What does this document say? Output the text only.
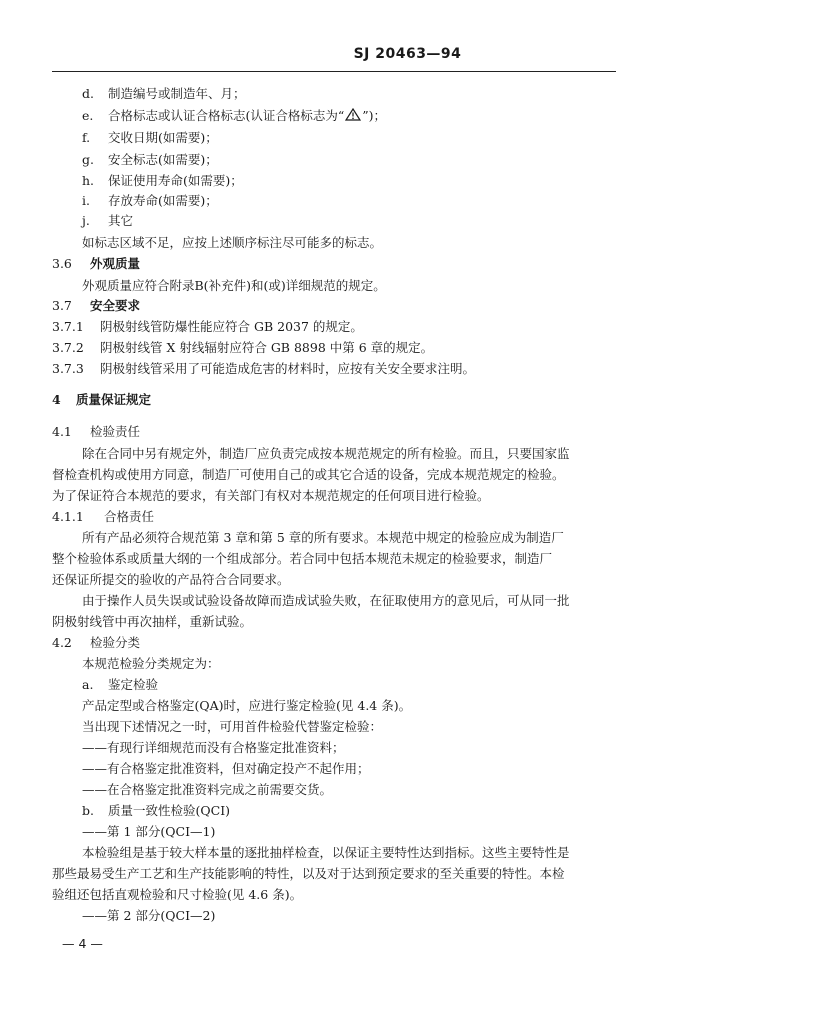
SJ 20463—94
d. 制造编号或制造年、月；
e. 合格标志或认证合格标志(认证合格标志为“ ”)；
f. 交收日期(如需要)；
g. 安全标志(如需要)；
h. 保证使用寿命(如需要)；
i. 存放寿命(如需要)；
j. 其它
如标志区域不足，应按上述顺序标注尽可能多的标志。
3.6 外观质量
外观质量应符合附录B(补充件)和(或)详细规范的规定。
3.7 安全要求
3.7.1 阴极射线管防爆性能应符合 GB 2037 的规定。
3.7.2 阴极射线管 X 射线辐射应符合 GB 8898 中第 6 章的规定。
3.7.3 阴极射线管采用了可能造成危害的材料时，应按有关安全要求注明。
4 质量保证规定
4.1 检验责任
除在合同中另有规定外，制造厂应负责完成按本规范规定的所有检验。而且，只要国家监
督检查机构或使用方同意，制造厂可使用自己的或其它合适的设备，完成本规范规定的检验。
为了保证符合本规范的要求，有关部门有权对本规范规定的任何项目进行检验。
4.1.1 合格责任
所有产品必须符合规范第 3 章和第 5 章的所有要求。本规范中规定的检验应成为制造厂
整个检验体系或质量大纲的一个组成部分。若合同中包括本规范未规定的检验要求，制造厂
还保证所提交的验收的产品符合合同要求。
由于操作人员失误或试验设备故障而造成试验失败，在征取使用方的意见后，可从同一批
阴极射线管中再次抽样，重新试验。
4.2 检验分类
本规范检验分类规定为：
a. 鉴定检验
产品定型或合格鉴定(QA)时，应进行鉴定检验(见 4.4 条)。
当出现下述情况之一时，可用首件检验代替鉴定检验：
——有现行详细规范而没有合格鉴定批准资料；
——有合格鉴定批准资料，但对确定投产不起作用；
——在合格鉴定批准资料完成之前需要交货。
b. 质量一致性检验(QCI)
——第 1 部分(QCI—1)
本检验组是基于较大样本量的逐批抽样检查，以保证主要特性达到指标。这些主要特性是
那些最易受生产工艺和生产技能影响的特性，以及对于达到预定要求的至关重要的特性。本检
验组还包括直观检验和尺寸检验(见 4.6 条)。
——第 2 部分(QCI—2)
— 4 —
